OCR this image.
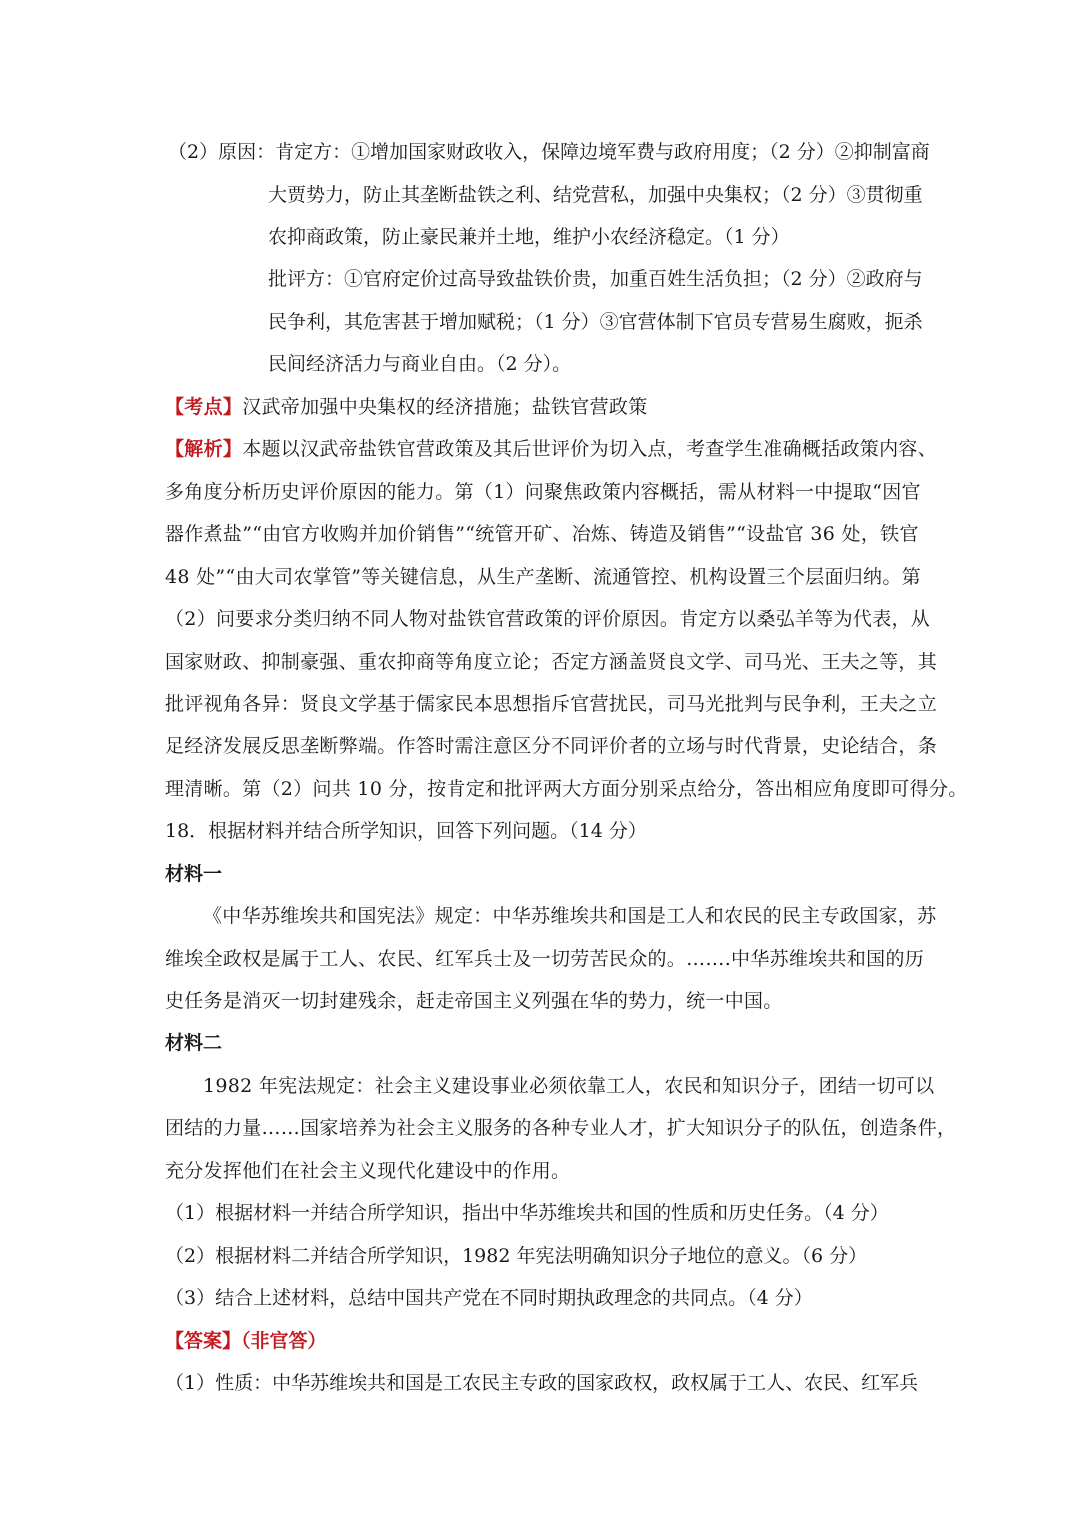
（2）原因：肯定方：①增加国家财政收入，保障边境军费与政府用度；（2 分）②抑制富商
大贾势力，防止其垄断盐铁之利、结党营私，加强中央集权；（2 分）③贯彻重
农抑商政策，防止豪民兼并土地，维护小农经济稳定。（1 分）
批评方：①官府定价过高导致盐铁价贵，加重百姓生活负担；（2 分）②政府与
民争利，其危害甚于增加赋税；（1 分）③官营体制下官员专营易生腐败，扼杀
民间经济活力与商业自由。（2 分）。
【考点】汉武帝加强中央集权的经济措施；盐铁官营政策
【解析】本题以汉武帝盐铁官营政策及其后世评价为切入点，考查学生准确概括政策内容、
多角度分析历史评价原因的能力。第（1）问聚焦政策内容概括，需从材料一中提取“因官
器作煮盐”“由官方收购并加价销售”“统管开矿、冶炼、铸造及销售”“设盐官 36 处，铁官
48 处”“由大司农掌管”等关键信息，从生产垄断、流通管控、机构设置三个层面归纳。第
（2）问要求分类归纳不同人物对盐铁官营政策的评价原因。肯定方以桑弘羊等为代表，从
国家财政、抑制豪强、重农抑商等角度立论；否定方涵盖贤良文学、司马光、王夫之等，其
批评视角各异：贤良文学基于儒家民本思想指斥官营扰民，司马光批判与民争利，王夫之立
足经济发展反思垄断弊端。作答时需注意区分不同评价者的立场与时代背景，史论结合，条
理清晰。第（2）问共 10 分，按肯定和批评两大方面分别采点给分，答出相应角度即可得分。
18．根据材料并结合所学知识，回答下列问题。（14 分）
材料一
《中华苏维埃共和国宪法》规定：中华苏维埃共和国是工人和农民的民主专政国家，苏
维埃全政权是属于工人、农民、红军兵士及一切劳苦民众的。…….中华苏维埃共和国的历
史任务是消灭一切封建残余，赶走帝国主义列强在华的势力，统一中国。
材料二
1982 年宪法规定：社会主义建设事业必须依靠工人，农民和知识分子，团结一切可以
团结的力量……国家培养为社会主义服务的各种专业人才，扩大知识分子的队伍，创造条件，
充分发挥他们在社会主义现代化建设中的作用。
（1）根据材料一并结合所学知识，指出中华苏维埃共和国的性质和历史任务。（4 分）
（2）根据材料二并结合所学知识，1982 年宪法明确知识分子地位的意义。（6 分）
（3）结合上述材料，总结中国共产党在不同时期执政理念的共同点。（4 分）
【答案】（非官答）
（1）性质：中华苏维埃共和国是工农民主专政的国家政权，政权属于工人、农民、红军兵
